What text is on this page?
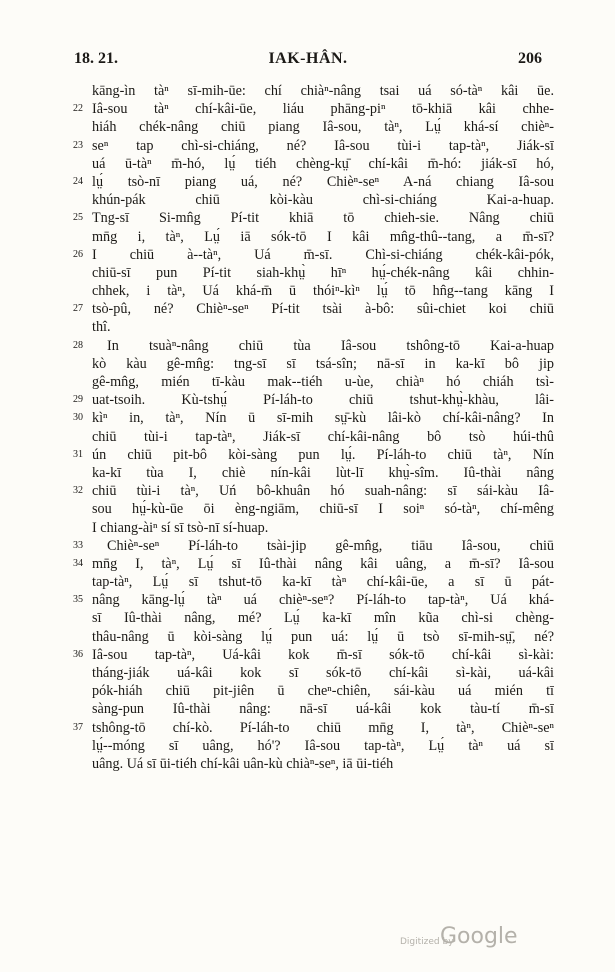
18. 21.	IAK-HÂN.	206
kāng-ìn tàⁿ sī-mih-ūe: chí chiàⁿ-nâng tsai uá só-tàⁿ kâi ūe.
22 Iâ-sou tàⁿ chí-kâi-ūe, liáu phāng-piⁿ tō-khiā kâi chhe-
hiáh chék-nâng chiū piang Iâ-sou, tàⁿ, Lṳ́ khá-sí chièⁿ-
23 seⁿ tap chì-si-chiáng, né? Iâ-sou tùi-i tap-tàⁿ, Jiák-sī
uá ū-tàⁿ m̄-hó, lṳ́ tiéh chèng-kṳ̄ chí-kâi m̄-hó: jiák-sī hó,
24 lṳ́ tsò-nī piang uá, né? Chièⁿ-seⁿ A-ná chiang Iâ-sou
khún-pák chiū kòi-kàu chì-si-chiáng Kai-a-huap.
25 Tng-sī Si-mn̂g Pí-tit khiā tō chieh-sie. Nâng chiū
mn̄g i, tàⁿ, Lṳ́ iā sók-tō I kâi mn̂g-thû--tang, a m̄-sī?
26 I chiū à--tàⁿ, Uá m̄-sī. Chì-si-chiáng chék-kâi-pók,
chiū-sī pun Pí-tit siah-khṳ̀ hīⁿ hṳ́-chék-nâng kâi chhin-
chhek, i tàⁿ, Uá khá-m̄ ū thóiⁿ-kìⁿ lṳ́ tō hn̂g--tang kāng I
27 tsò-pû, né? Chièⁿ-seⁿ Pí-tit tsài à-bô: sûi-chiet koi chiū
thî.
28	In tsuàⁿ-nâng chiū tùa Iâ-sou tshông-tō Kai-a-huap
kò kàu gê-mn̂g: tng-sī sī tsá-sîn; nā-sī in ka-kī bô jip
gê-mn̂g, mién tī-kàu mak--tiéh u-ùe, chiàⁿ hó chiáh tsì-
29 uat-tsoih. Kù-tshṳ́ Pí-láh-to chiū tshut-khṳ̀-khàu, lâi-
30 kìⁿ in, tàⁿ, Nín ū sī-mih sṳ̄-kù lâi-kò chí-kâi-nâng? In
chiū tùi-i tap-tàⁿ, Jiák-sī chí-kâi-nâng bô tsò húi-thû
31 ún chiū pit-bô kòi-sàng pun lṳ́. Pí-láh-to chiū tàⁿ, Nín
ka-kī tùa I, chiè nín-kâi lùt-lī khṳ̀-sîm. Iû-thài nâng
32 chiū tùi-i tàⁿ, Uń bô-khuân hó suah-nâng: sī sái-kàu Iâ-
sou hṳ́-kù-ūe ōi èng-ngiām, chiū-sī I soiⁿ só-tàⁿ, chí-mêng
I chiang-àiⁿ sí sī tsò-nī sí-huap.
33	Chièⁿ-seⁿ Pí-láh-to tsài-jip gê-mn̂g, tiāu Iâ-sou, chiū
34 mn̄g I, tàⁿ, Lṳ́ sī Iû-thài nâng kâi uâng, a m̄-sī? Iâ-sou
tap-tàⁿ, Lṳ́ sī tshut-tō ka-kī tàⁿ chí-kâi-ūe, a sī ū pát-
35 nâng kāng-lṳ́ tàⁿ uá chièⁿ-seⁿ? Pí-láh-to tap-tàⁿ, Uá khá-
sī Iû-thài nâng, mé? Lṳ́ ka-kī mîn kũa chì-si chèng-
thâu-nâng ū kòi-sàng lṳ́ pun uá: lṳ́ ū tsò sī-mih-sṳ̄, né?
36 Iâ-sou tap-tàⁿ, Uá-kâi kok m̄-sī sók-tō chí-kâi sì-kài:
tháng-jiák uá-kâi kok sī sók-tō chí-kâi sì-kài, uá-kâi
pók-hiáh chiū pit-jiên ū cheⁿ-chiên, sái-kàu uá mién tī
sàng-pun Iû-thài nâng: nā-sī uá-kâi kok tàu-tí m̄-sī
37 tshông-tō chí-kò. Pí-láh-to chiū mn̄g I, tàⁿ, Chièⁿ-seⁿ
lṳ́--móng sī uâng, hó'? Iâ-sou tap-tàⁿ, Lṳ́ tàⁿ uá sī
uâng. Uá sī ūi-tiéh chí-kâi uân-kù chiàⁿ-seⁿ, iā ūi-tiéh
Digitized by
Google
